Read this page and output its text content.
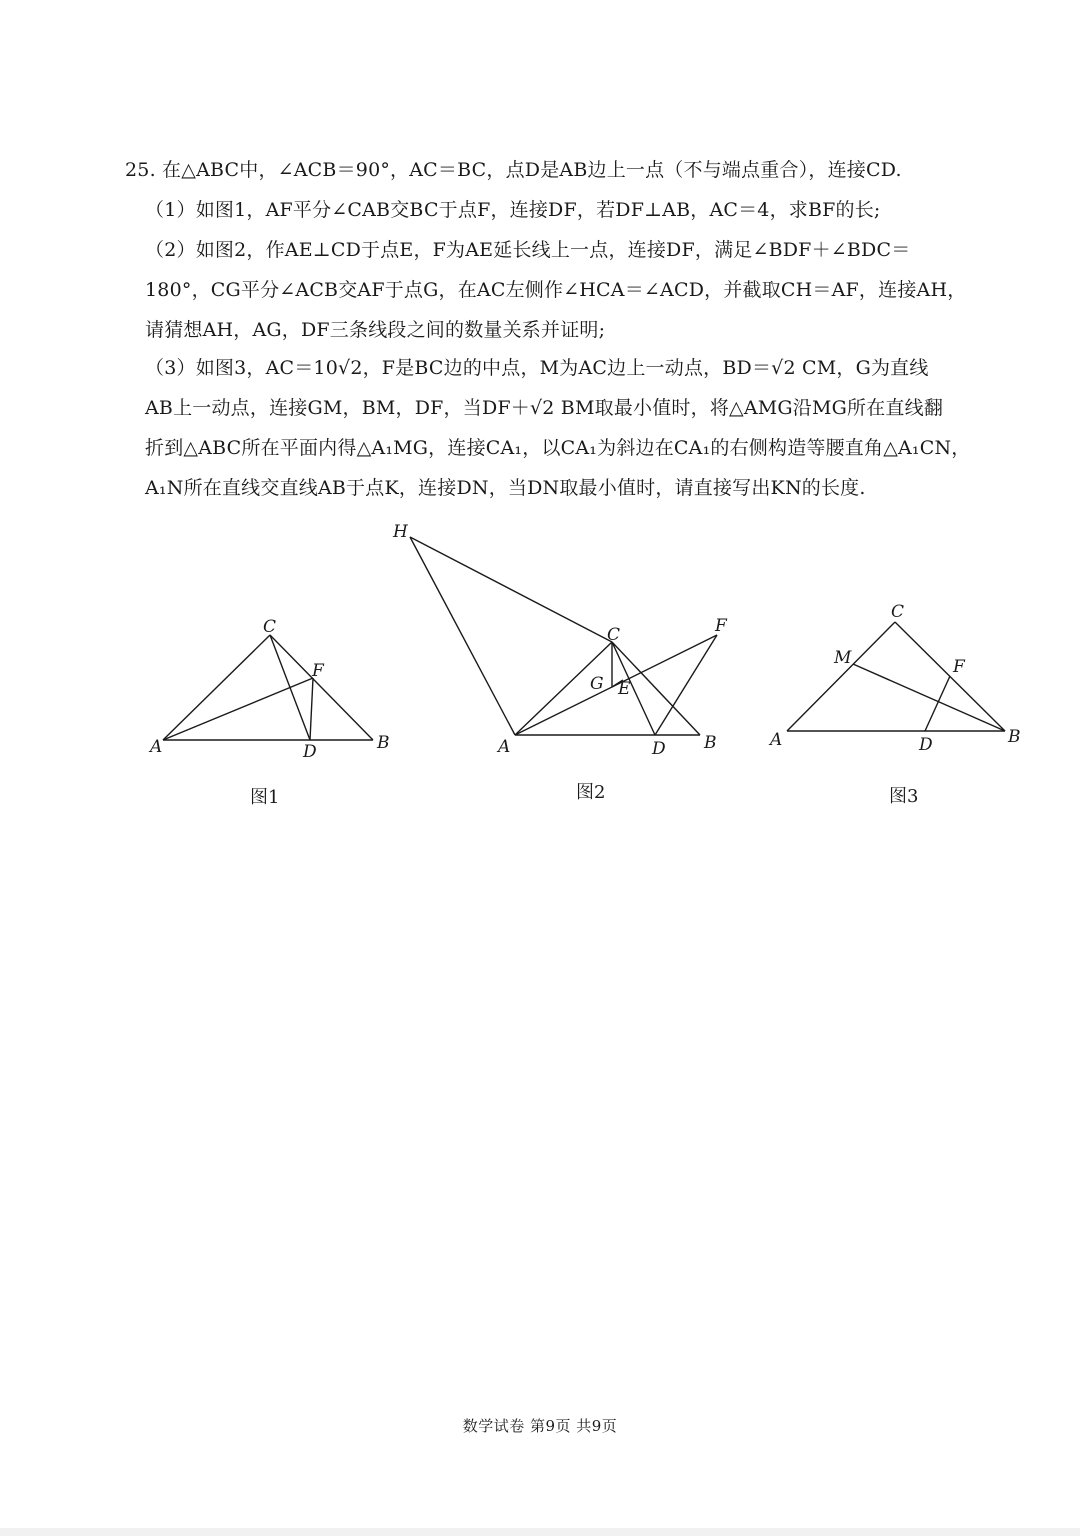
25. 在△ABC中，∠ACB＝90°，AC＝BC，点D是AB边上一点（不与端点重合），连接CD.
（1）如图1，AF平分∠CAB交BC于点F，连接DF，若DF⊥AB，AC＝4，求BF的长;
（2）如图2，作AE⊥CD于点E，F为AE延长线上一点，连接DF，满足∠BDF＋∠BDC＝
180°，CG平分∠ACB交AF于点G，在AC左侧作∠HCA＝∠ACD，并截取CH＝AF，连接AH，
请猜想AH，AG，DF三条线段之间的数量关系并证明;
（3）如图3，AC＝10√2，F是BC边的中点，M为AC边上一动点，BD＝√2 CM，G为直线
AB上一动点，连接GM，BM，DF，当DF＋√2 BM取最小值时，将△AMG沿MG所在直线翻
折到△ABC所在平面内得△A₁MG，连接CA₁，以CA₁为斜边在CA₁的右侧构造等腰直角△A₁CN，
A₁N所在直线交直线AB于点K，连接DN，当DN取最小值时，请直接写出KN的长度.
A	B
C
D
F
H
A	B
C
D
E
F
G
A	B
C
D
F
M
图1	图2	图3
数学试卷 第9页 共9页
